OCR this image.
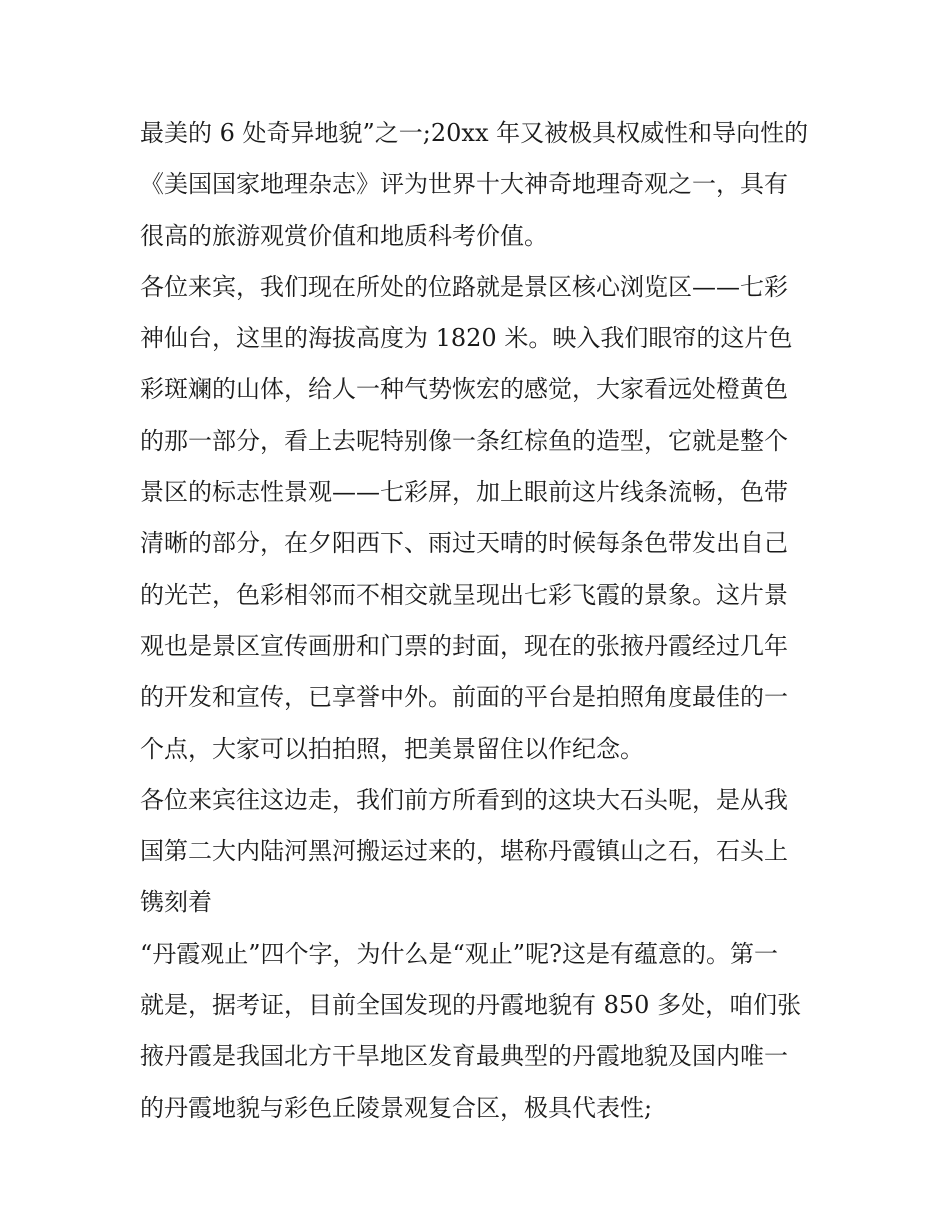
最美的 6 处奇异地貌”之一;20xx 年又被极具权威性和导向性的
《美国国家地理杂志》评为世界十大神奇地理奇观之一，具有
很高的旅游观赏价值和地质科考价值。
各位来宾，我们现在所处的位路就是景区核心浏览区——七彩
神仙台，这里的海拔高度为 1820 米。映入我们眼帘的这片色
彩斑斓的山体，给人一种气势恢宏的感觉，大家看远处橙黄色
的那一部分，看上去呢特别像一条红棕鱼的造型，它就是整个
景区的标志性景观——七彩屏，加上眼前这片线条流畅，色带
清晰的部分，在夕阳西下、雨过天晴的时候每条色带发出自己
的光芒，色彩相邻而不相交就呈现出七彩飞霞的景象。这片景
观也是景区宣传画册和门票的封面，现在的张掖丹霞经过几年
的开发和宣传，已享誉中外。前面的平台是拍照角度最佳的一
个点，大家可以拍拍照，把美景留住以作纪念。
各位来宾往这边走，我们前方所看到的这块大石头呢，是从我
国第二大内陆河黑河搬运过来的，堪称丹霞镇山之石，石头上
镌刻着
“丹霞观止”四个字，为什么是“观止”呢?这是有蕴意的。第一
就是，据考证，目前全国发现的丹霞地貌有 850 多处，咱们张
掖丹霞是我国北方干旱地区发育最典型的丹霞地貌及国内唯一
的丹霞地貌与彩色丘陵景观复合区，极具代表性;
